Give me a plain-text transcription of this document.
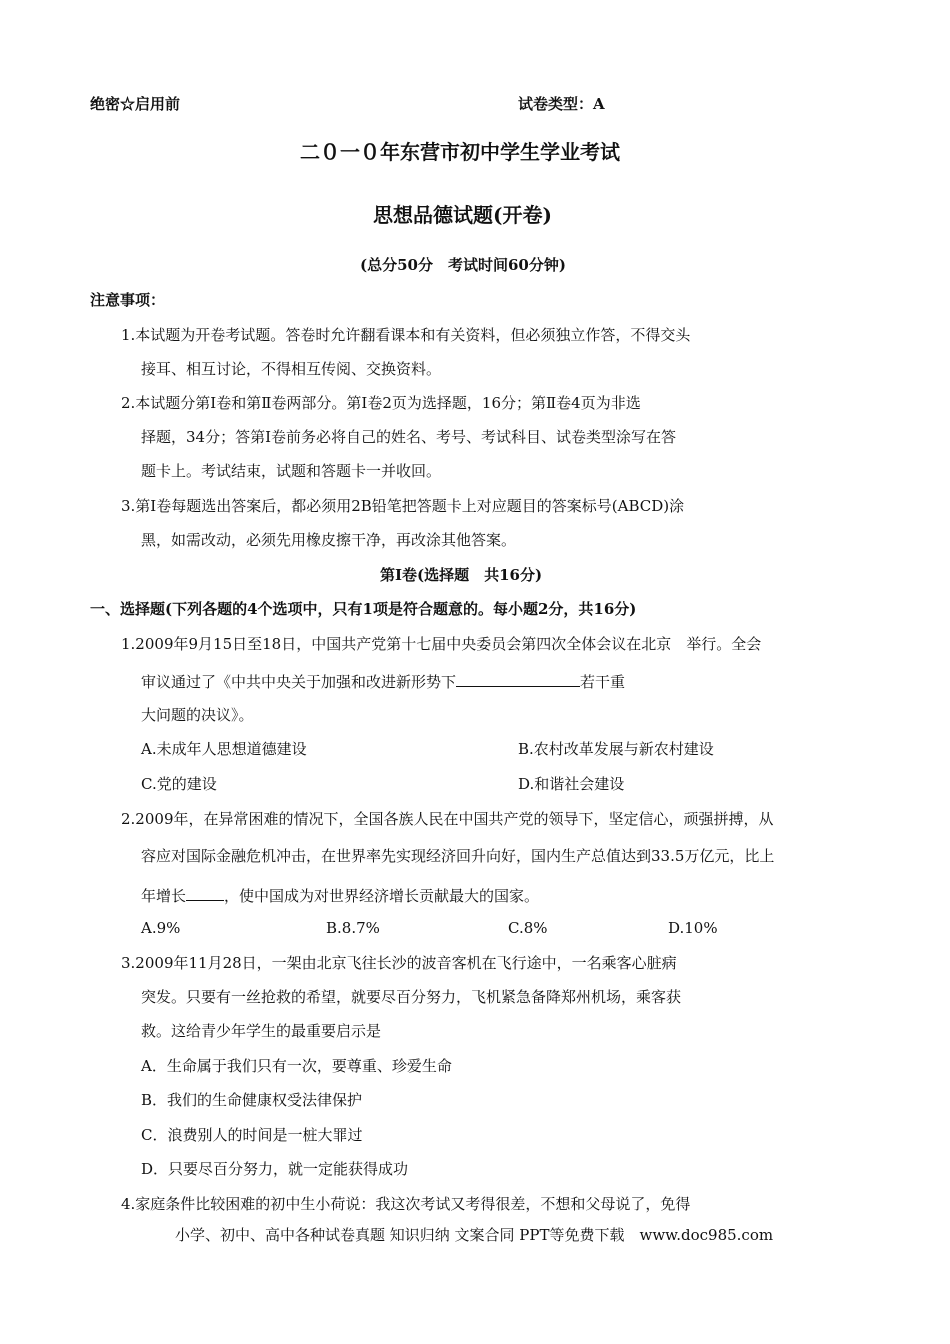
绝密☆启用前	试卷类型：A
二０一０年东营市初中学生学业考试
思想品德试题(开卷)
(总分50分　考试时间60分钟)
注意事项：
1.本试题为开卷考试题。答卷时允许翻看课本和有关资料，但必须独立作答，不得交头
接耳、相互讨论，不得相互传阅、交换资料。
2.本试题分第Ⅰ卷和第Ⅱ卷两部分。第Ⅰ卷2页为选择题，16分；第Ⅱ卷4页为非选
择题，34分；答第Ⅰ卷前务必将自己的姓名、考号、考试科目、试卷类型涂写在答
题卡上。考试结束，试题和答题卡一并收回。
3.第Ⅰ卷每题选出答案后，都必须用2B铅笔把答题卡上对应题目的答案标号(ABCD)涂
黑，如需改动，必须先用橡皮擦干净，再改涂其他答案。
第Ⅰ卷(选择题　共16分)
一、选择题(下列各题的4个选项中，只有1项是符合题意的。每小题2分，共16分)
1.2009年9月15日至18日，中国共产党第十七届中央委员会第四次全体会议在北京　举行。全会
审议通过了《中共中央关于加强和改进新形势下	若干重
大问题的决议》。
A.未成年人思想道德建设	B.农村改革发展与新农村建设
C.党的建设	D.和谐社会建设
2.2009年，在异常困难的情况下，全国各族人民在中国共产党的领导下，坚定信心，顽强拼搏，从
容应对国际金融危机冲击，在世界率先实现经济回升向好，国内生产总值达到33.5万亿元，比上
年增长	，使中国成为对世界经济增长贡献最大的国家。
A.9%	B.8.7%	C.8%	D.10%
3.2009年11月28日，一架由北京飞往长沙的波音客机在飞行途中，一名乘客心脏病
突发。只要有一丝抢救的希望，就要尽百分努力，飞机紧急备降郑州机场，乘客获
救。这给青少年学生的最重要启示是
A．生命属于我们只有一次，要尊重、珍爱生命
B．我们的生命健康权受法律保护
C．浪费别人的时间是一桩大罪过
D．只要尽百分努力，就一定能获得成功
4.家庭条件比较困难的初中生小荷说：我这次考试又考得很差，不想和父母说了，免得
小学、初中、高中各种试卷真题 知识归纳 文案合同 PPT等免费下载　www.doc985.com
